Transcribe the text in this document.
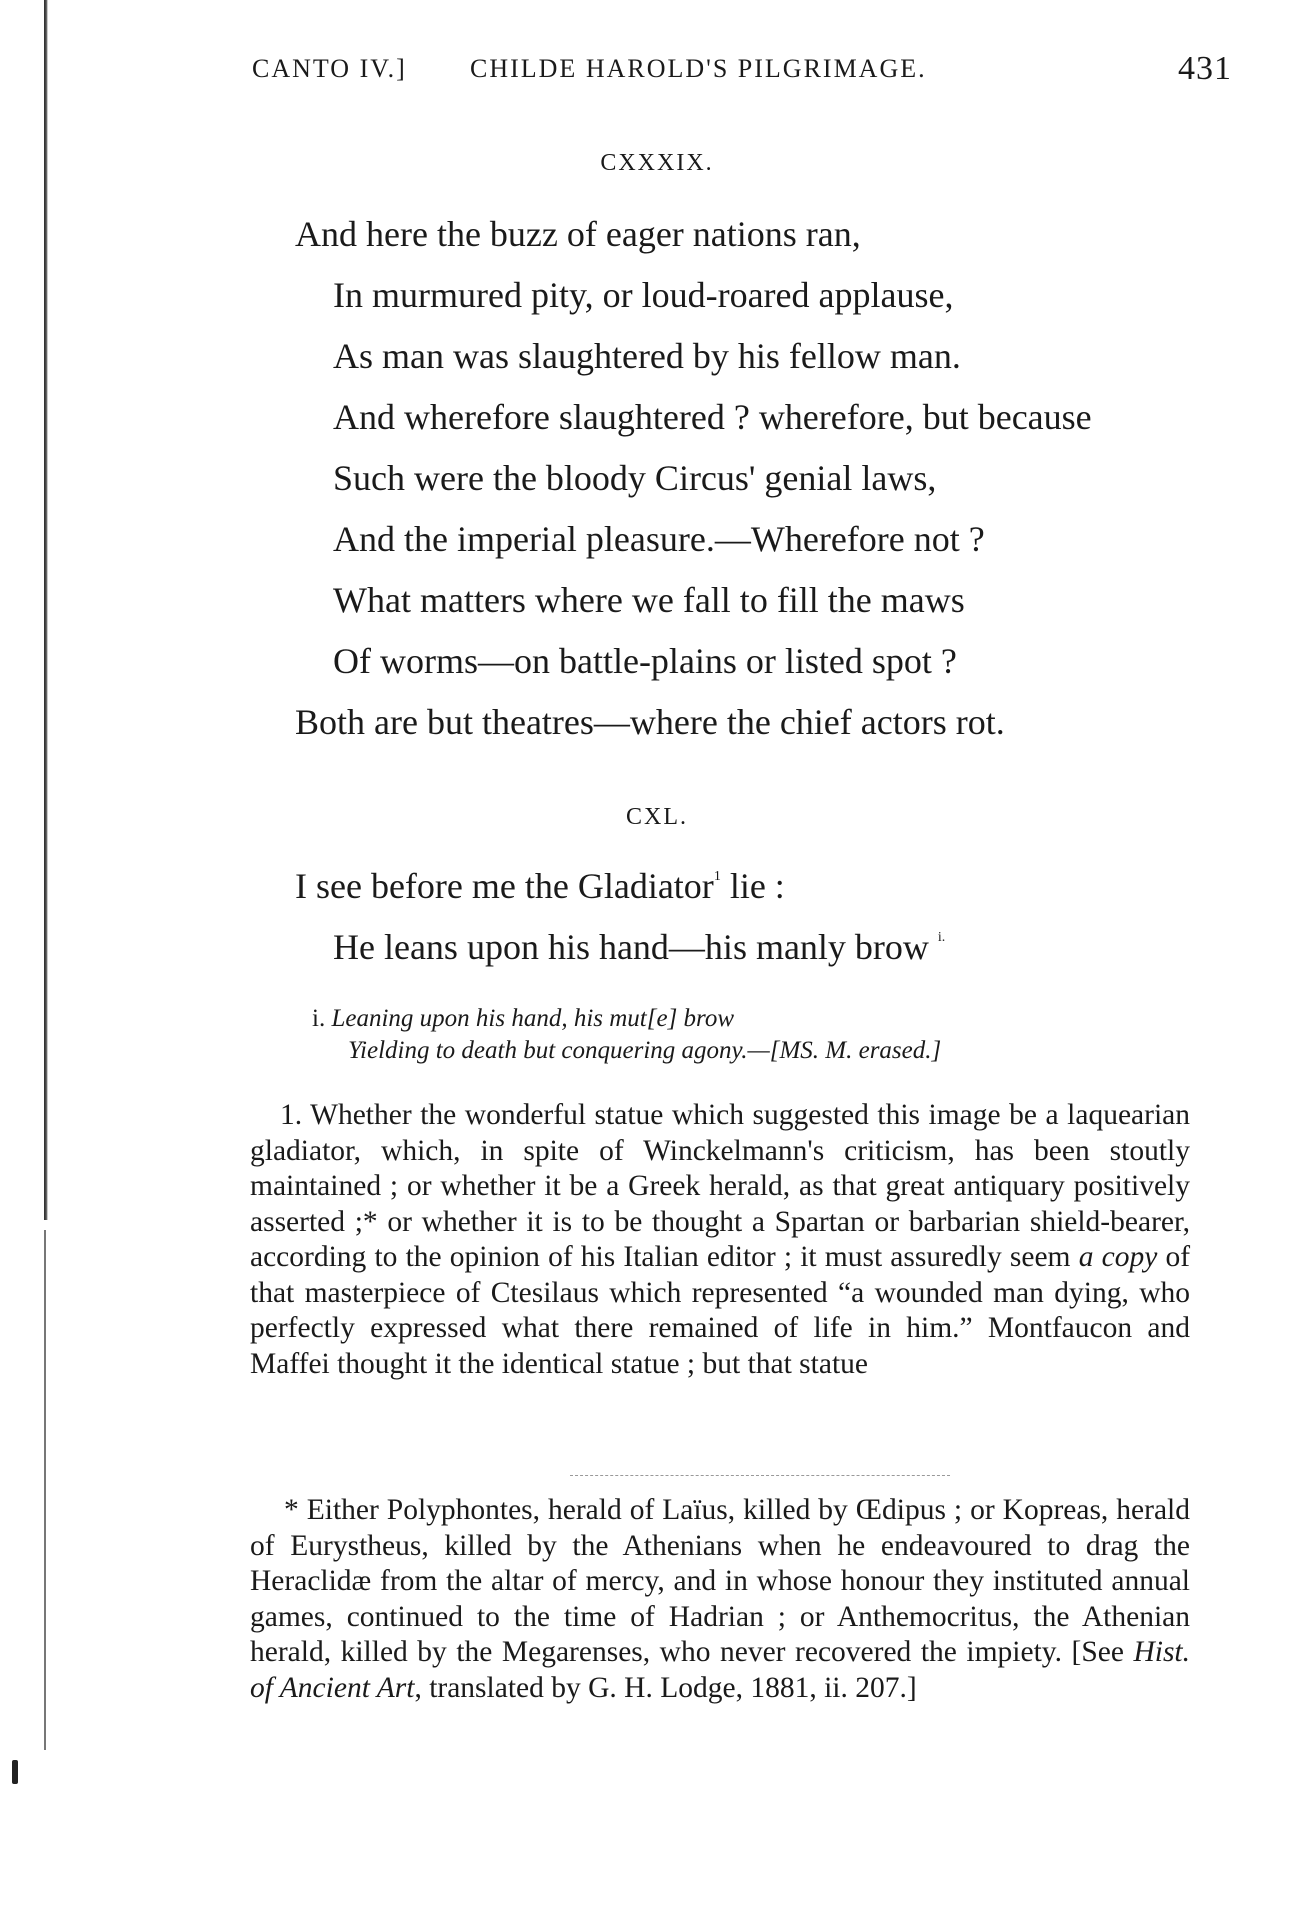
CANTO IV.] CHILDE HAROLD'S PILGRIMAGE.	431
CXXXIX.
And here the buzz of eager nations ran,
In murmured pity, or loud-roared applause,
As man was slaughtered by his fellow man.
And wherefore slaughtered ? wherefore, but because
Such were the bloody Circus' genial laws,
And the imperial pleasure.—Wherefore not ?
What matters where we fall to fill the maws
Of worms—on battle-plains or listed spot ?
Both are but theatres—where the chief actors rot.
CXL.
I see before me the Gladiator$^1$ lie :
He leans upon his hand—his manly brow $^{i.}$
i. Leaning upon his hand, his mut[e] brow
Yielding to death but conquering agony.—[MS. M. erased.]

1. Whether the wonderful statue which suggested this image be a laquearian gladiator, which, in spite of Winckelmann's criticism, has been stoutly maintained ; or whether it be a Greek herald, as that great antiquary positively asserted ;* or whether it is to be thought a Spartan or barbarian shield-bearer, according to the opinion of his Italian editor ; it must assuredly seem a copy of that masterpiece of Ctesilaus which represented “a wounded man dying, who perfectly expressed what there remained of life in him.” Montfaucon and Maffei thought it the identical statue ; but that statue

* Either Polyphontes, herald of Laïus, killed by Œdipus ; or Kopreas, herald of Eurystheus, killed by the Athenians when he endeavoured to drag the Heraclidæ from the altar of mercy, and in whose honour they instituted annual games, continued to the time of Hadrian ; or Anthemocritus, the Athenian herald, killed by the Megarenses, who never recovered the impiety. [See Hist. of Ancient Art, translated by G. H. Lodge, 1881, ii. 207.]
